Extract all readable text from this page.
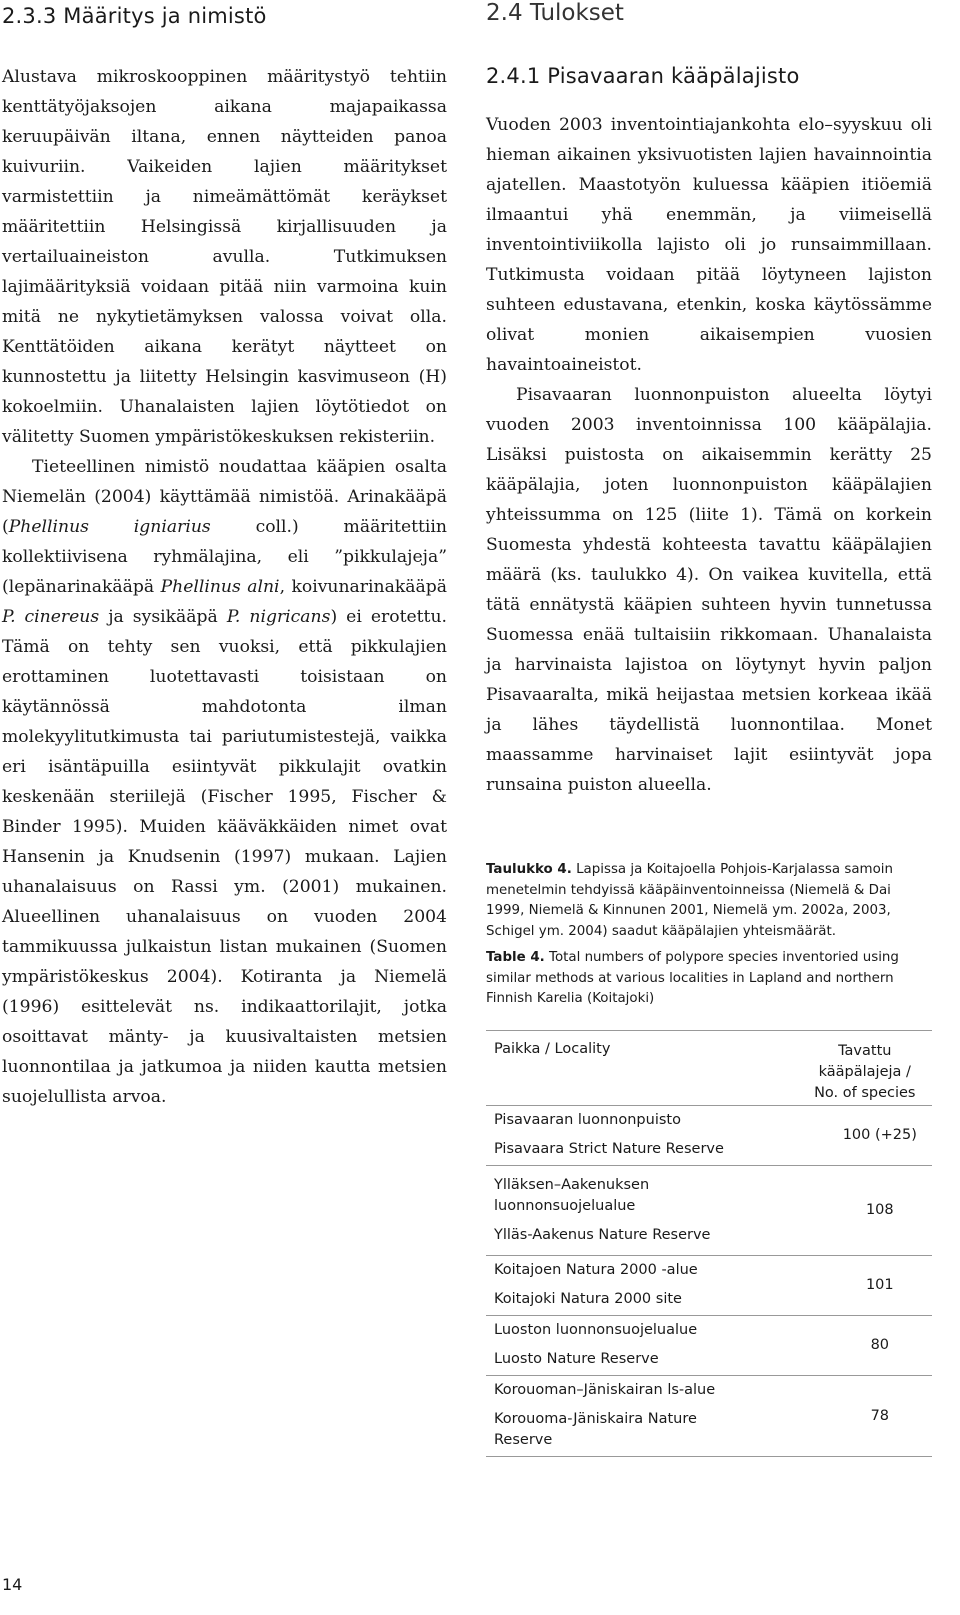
2.3.3 Määritys ja nimistö

Alustava mikroskooppinen määritystyö tehtiin kenttätyöjaksojen aikana majapaikassa keruupäivän iltana, ennen näytteiden panoa kuivuriin. Vaikeiden lajien määritykset varmistettiin ja nimeämättömät keräykset määritettiin Helsingissä kirjallisuuden ja vertailuaineiston avulla. Tutkimuksen lajimäärityksiä voidaan pitää niin varmoina kuin mitä ne nykytietämyksen valossa voivat olla. Kenttätöiden aikana kerätyt näytteet on kunnostettu ja liitetty Helsingin kasvimuseon (H) kokoelmiin. Uhanalaisten lajien löytötiedot on välitetty Suomen ympäristökeskuksen rekisteriin.

Tieteellinen nimistö noudattaa kääpien osalta Niemelän (2004) käyttämää nimistöä. Arinakääpä (Phellinus igniarius coll.) määritettiin kollektiivisena ryhmälajina, eli ”pikkulajeja” (lepänarinakääpä Phellinus alni, koivunarinakääpä P. cinereus ja sysikääpä P. nigricans) ei erotettu. Tämä on tehty sen vuoksi, että pikkulajien erottaminen luotettavasti toisistaan on käytännössä mahdotonta ilman molekyylitutkimusta tai pariutumistestejä, vaikka eri isäntäpuilla esiintyvät pikkulajit ovatkin keskenään steriilejä (Fischer 1995, Fischer & Binder 1995). Muiden kääväkkäiden nimet ovat Hansenin ja Knudsenin (1997) mukaan. Lajien uhanalaisuus on Rassi ym. (2001) mukainen. Alueellinen uhanalaisuus on vuoden 2004 tammikuussa julkaistun listan mukainen (Suomen ympäristökeskus 2004). Kotiranta ja Niemelä (1996) esittelevät ns. indikaattorilajit, jotka osoittavat mänty- ja kuusivaltaisten metsien luonnontilaa ja jatkumoa ja niiden kautta metsien suojelullista arvoa.

2.4 Tulokset
2.4.1 Pisavaaran kääpälajisto

Vuoden 2003 inventointiajankohta elo–syyskuu oli hieman aikainen yksivuotisten lajien havainnointia ajatellen. Maastotyön kuluessa kääpien itiöemiä ilmaantui yhä enemmän, ja viimeisellä inventointiviikolla lajisto oli jo runsaimmillaan. Tutkimusta voidaan pitää löytyneen lajiston suhteen edustavana, etenkin, koska käytössämme olivat monien aikaisempien vuosien havaintoaineistot.

Pisavaaran luonnonpuiston alueelta löytyi vuoden 2003 inventoinnissa 100 kääpälajia. Lisäksi puistosta on aikaisemmin kerätty 25 kääpälajia, joten luonnonpuiston kääpälajien yhteissumma on 125 (liite 1). Tämä on korkein Suomesta yhdestä kohteesta tavattu kääpälajien määrä (ks. taulukko 4). On vaikea kuvitella, että tätä ennätystä kääpien suhteen hyvin tunnetussa Suomessa enää tultaisiin rikkomaan. Uhanalaista ja harvinaista lajistoa on löytynyt hyvin paljon Pisavaaralta, mikä heijastaa metsien korkeaa ikää ja lähes täydellistä luonnontilaa. Monet maassamme harvinaiset lajit esiintyvät jopa runsaina puiston alueella.

Taulukko 4. Lapissa ja Koitajoella Pohjois-Karjalassa samoin menetelmin tehdyissä kääpäinventoinneissa (Niemelä & Dai 1999, Niemelä & Kinnunen 2001, Niemelä ym. 2002a, 2003, Schigel ym. 2004) saadut kääpälajien yhteismäärät.

Table 4. Total numbers of polypore species inventoried using similar methods at various localities in Lapland and northern Finnish Karelia (Koitajoki)

Paikka / Locality	Tavattu kääpälajeja /
No. of species

Pisavaaran luonnonpuisto
Pisavaara Strict Nature Reserve	100 (+25)

Ylläksen–Aakenuksen luonnonsuojelualue
Ylläs-Aakenus Nature Reserve	108

Koitajoen Natura 2000 -alue
Koitajoki Natura 2000 site	101

Luoston luonnonsuojelualue
Luosto Nature Reserve	80

Korouoman–Jäniskairan ls-alue
Korouoma-Jäniskaira Nature Reserve	78
14
